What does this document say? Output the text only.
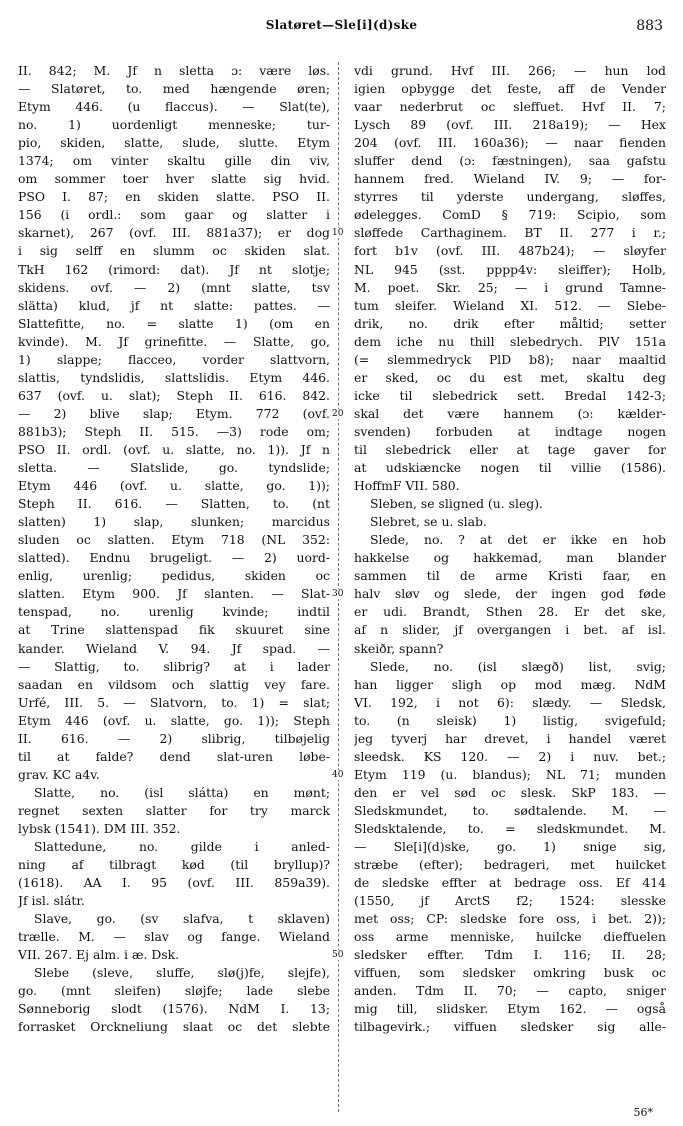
Slatøret—Sle[i](d)ske	883
II. 842; M. Jf n sletta ɔ: være løs.
— Slatøret, to. med hængende øren;
Etym 446. (u flaccus). — Slat(te),
no. 1) uordenligt menneske; tur-
pio, skiden, slatte, slude, slutte. Etym
1374; om vinter skaltu gille din viv,
om sommer toer hver slatte sig hvid.
PSO I. 87; en skiden slatte. PSO II.
156 (i ordl.: som gaar og slatter i
skarnet), 267 (ovf. III. 881a37); er dog
i sig selff en slumm oc skiden slat.
TkH 162 (rimord: dat). Jf nt slotje;
skidens. ovf. — 2) (mnt slatte, tsv
slätta) klud, jf nt slatte: pattes. —
Slattefitte, no. = slatte 1) (om en
kvinde). M. Jf grinefitte. — Slatte, go,
1) slappe; flacceo, vorder slattvorn,
slattis, tyndslidis, slattslidis. Etym 446.
637 (ovf. u. slat); Steph II. 616. 842.
— 2) blive slap; Etym. 772 (ovf.
881b3); Steph II. 515. —3) rode om;
PSO II. ordl. (ovf. u. slatte, no. 1)). Jf n
sletta. — Slatslide, go. tyndslide;
Etym 446 (ovf. u. slatte, go. 1));
Steph II. 616. — Slatten, to. (nt
slatten) 1) slap, slunken; marcidus
sluden oc slatten. Etym 718 (NL 352:
slatted). Endnu brugeligt. — 2) uord-
enlig, urenlig; pedidus, skiden oc
slatten. Etym 900. Jf slanten. — Slat-
tenspad, no. urenlig kvinde; indtil
at Trine slattenspad fik skuuret sine
kander. Wieland V. 94. Jf spad. —
— Slattig, to. slibrig? at i lader
saadan en vildsom och slattig vey fare.
Urfé, III. 5. — Slatvorn, to. 1) = slat;
Etym 446 (ovf. u. slatte, go. 1)); Steph
II. 616. — 2) slibrig, tilbøjelig
til at falde? dend slat-uren løbe-
grav. KC a4v.
Slatte, no. (isl slátta) en mønt;
regnet sexten slatter for try marck
lybsk (1541). DM III. 352.
Slattedune, no. gilde i anled-
ning af tilbragt kød (til bryllup)?
(1618). AA I. 95 (ovf. III. 859a39).
Jf isl. slátr.
Slave, go. (sv slafva, t sklaven)
trælle. M. — slav og fange. Wieland
VII. 267. Ej alm. i æ. Dsk.
Slebe (sleve, sluffe, slø(j)fe, slejfe),
go. (mnt sleifen) sløjfe; lade slebe
Sønneborig slodt (1576). NdM I. 13;
forrasket Orckneliung slaat oc det slebte
10
20
30
40
50
vdi grund. Hvf III. 266; — hun lod
igien opbygge det feste, aff de Vender
vaar nederbrut oc sleffuet. Hvf II. 7;
Lysch 89 (ovf. III. 218a19); — Hex
204 (ovf. III. 160a36); — naar fienden
sluffer dend (ɔ: fæstningen), saa gafstu
hannem fred. Wieland IV. 9; — for-
styrres til yderste undergang, sløffes,
ødelegges. ComD § 719: Scipio, som
sløffede Carthaginem. BT II. 277 i r.;
fort b1v (ovf. III. 487b24); — sløyfer
NL 945 (sst. pppp4v: sleiffer); Holb,
M. poet. Skr. 25; — i grund Tamne-
tum sleifer. Wieland XI. 512. — Slebe-
drik, no. drik efter måltid; setter
dem iche nu thill slebedrych. PlV 151a
(= slemmedryck PlD b8); naar maaltid
er sked, oc du est met, skaltu deg
icke til slebedrick sett. Bredal 142-3;
skal det være hannem (ɔ: kælder-
svenden) forbuden at indtage nogen
til slebedrick eller at tage gaver for
at udskiæncke nogen til villie (1586).
HoffmF VII. 580.
Sleben, se sligned (u. sleg).
Slebret, se u. slab.
Slede, no. ? at det er ikke en hob
hakkelse og hakkemad, man blander
sammen til de arme Kristi faar, en
halv sløv og slede, der ingen god føde
er udi. Brandt, Sthen 28. Er det ske,
af n slider, jf overgangen i bet. af isl.
skeiðr, spann?
Slede, no. (isl slægð) list, svig;
han ligger sligh op mod mæg. NdM
VI. 192, i not 6): slædy. — Sledsk,
to. (n sleisk) 1) listig, svigefuld;
jeg tyverj har drevet, i handel været
sleedsk. KS 120. — 2) i nuv. bet.;
Etym 119 (u. blandus); NL 71; munden
den er vel sød oc slesk. SkP 183. —
Sledskmundet, to. sødtalende. M. —
Sledsktalende, to. = sledskmundet. M.
— Sle[i](d)ske, go. 1) snige sig,
stræbe (efter); bedrageri, met huilcket
de sledske effter at bedrage oss. Ef 414
(1550, jf ArctS f2; 1524: slesske
met oss; CP: sledske fore oss, i bet. 2));
oss arme menniske, huilcke dieffuelen
sledsker effter. Tdm I. 116; II. 28;
viffuen, som sledsker omkring busk oc
anden. Tdm II. 70; — capto, sniger
mig till, slidsker. Etym 162. — også
tilbagevirk.; viffuen sledsker sig alle-
56*
